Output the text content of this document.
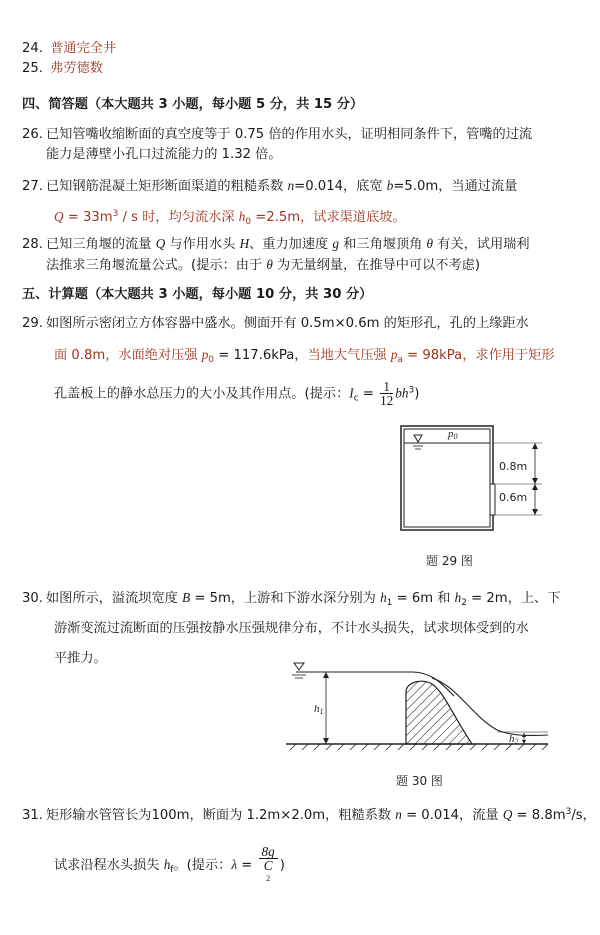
24. 普通完全井
25. 弗劳德数
四、简答题（本大题共 3 小题，每小题 5 分，共 15 分）
26. 已知管嘴收缩断面的真空度等于 0.75 倍的作用水头，证明相同条件下，管嘴的过流
能力是薄壁小孔口过流能力的 1.32 倍。
27. 已知钢筋混凝土矩形断面渠道的粗糙系数 n=0.014，底宽 b=5.0m，当通过流量
$Q = 33m^3 / s$ 时，均匀流水深 $h_0 =2.5m$，试求渠道底坡。
28. 已知三角堰的流量 Q 与作用水头 H、重力加速度 g 和三角堰顶角 θ 有关，试用瑞利
法推求三角堰流量公式。(提示：由于 θ 为无量纲量，在推导中可以不考虑)
五、计算题（本大题共 3 小题，每小题 10 分，共 30 分）
29. 如图所示密闭立方体容器中盛水。侧面开有 0.5m×0.6m 的矩形孔，孔的上缘距水
面 0.8m，水面绝对压强 $p_0 = 117.6kPa$，当地大气压强 $p_a = 98kPa$，求作用于矩形
孔盖板上的静水总压力的大小及其作用点。(提示：$I_c = \frac{1}{12} bh^3$)
p0
0.8m
0.6m
题 29 图
30. 如图所示，溢流坝宽度 B = 5m，上游和下游水深分别为 $h_1 = 6m$ 和 $h_2 = 2m$，上、下
游渐变流过流断面的压强按静水压强规律分布，不计水头损失，试求坝体受到的水
平推力。
h1
h2
题 30 图
31. 矩形输水管管长为100m，断面为 1.2m×2.0m，粗糙系数 n = 0.014，流量 $Q = 8.8m^3/s$，
试求沿程水头损失 $h_f$。(提示：λ = 8g
C
2 )
